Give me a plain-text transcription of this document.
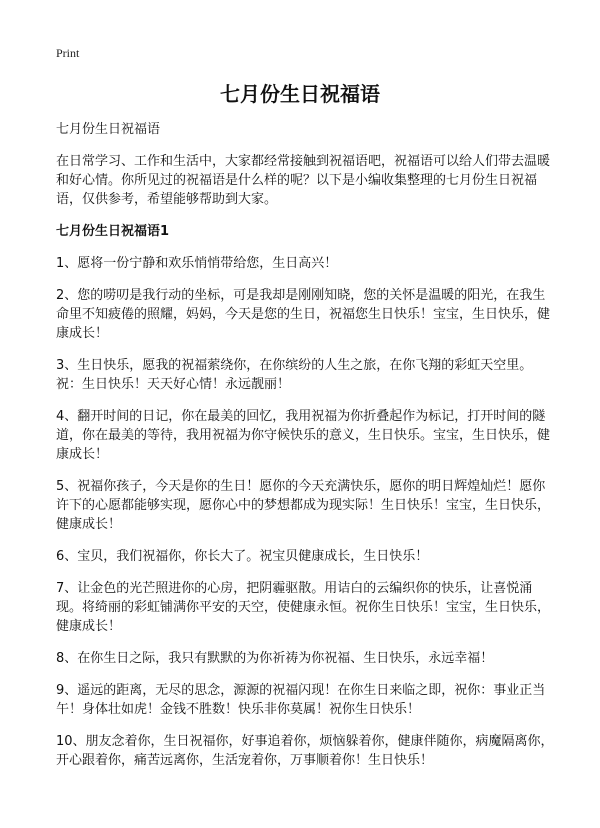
Print
七月份生日祝福语

七月份生日祝福语

在日常学习、工作和生活中，大家都经常接触到祝福语吧，祝福语可以给人们带去温暖和好心情。你所见过的祝福语是什么样的呢？以下是小编收集整理的七月份生日祝福语，仅供参考，希望能够帮助到大家。

七月份生日祝福语1

1、愿将一份宁静和欢乐悄悄带给您，生日高兴！

2、您的唠叨是我行动的坐标，可是我却是刚刚知晓，您的关怀是温暖的阳光，在我生命里不知疲倦的照耀，妈妈，今天是您的生日，祝福您生日快乐！宝宝，生日快乐，健康成长！

3、生日快乐，愿我的祝福萦绕你，在你缤纷的人生之旅，在你飞翔的彩虹天空里。祝：生日快乐！天天好心情！永远靓丽！

4、翻开时间的日记，你在最美的回忆，我用祝福为你折叠起作为标记，打开时间的隧道，你在最美的等待，我用祝福为你守候快乐的意义，生日快乐。宝宝，生日快乐，健康成长！

5、祝福你孩子，今天是你的生日！愿你的今天充满快乐，愿你的明日辉煌灿烂！愿你许下的心愿都能够实现，愿你心中的梦想都成为现实际！生日快乐！宝宝，生日快乐，健康成长！

6、宝贝，我们祝福你，你长大了。祝宝贝健康成长，生日快乐！

7、让金色的光芒照进你的心房，把阴霾驱散。用诘白的云编织你的快乐，让喜悦涌现。将绮丽的彩虹铺满你平安的天空，使健康永恒。祝你生日快乐！宝宝，生日快乐，健康成长！

8、在你生日之际，我只有默默的为你祈祷为你祝福、生日快乐，永远幸福！

9、遥远的距离，无尽的思念，源源的祝福闪现！在你生日来临之即，祝你：事业正当午！身体壮如虎！金钱不胜数！快乐非你莫属！祝你生日快乐！

10、朋友念着你，生日祝福你，好事追着你，烦恼躲着你，健康伴随你，病魔隔离你，开心跟着你，痛苦远离你，生活宠着你，万事顺着你！生日快乐！
